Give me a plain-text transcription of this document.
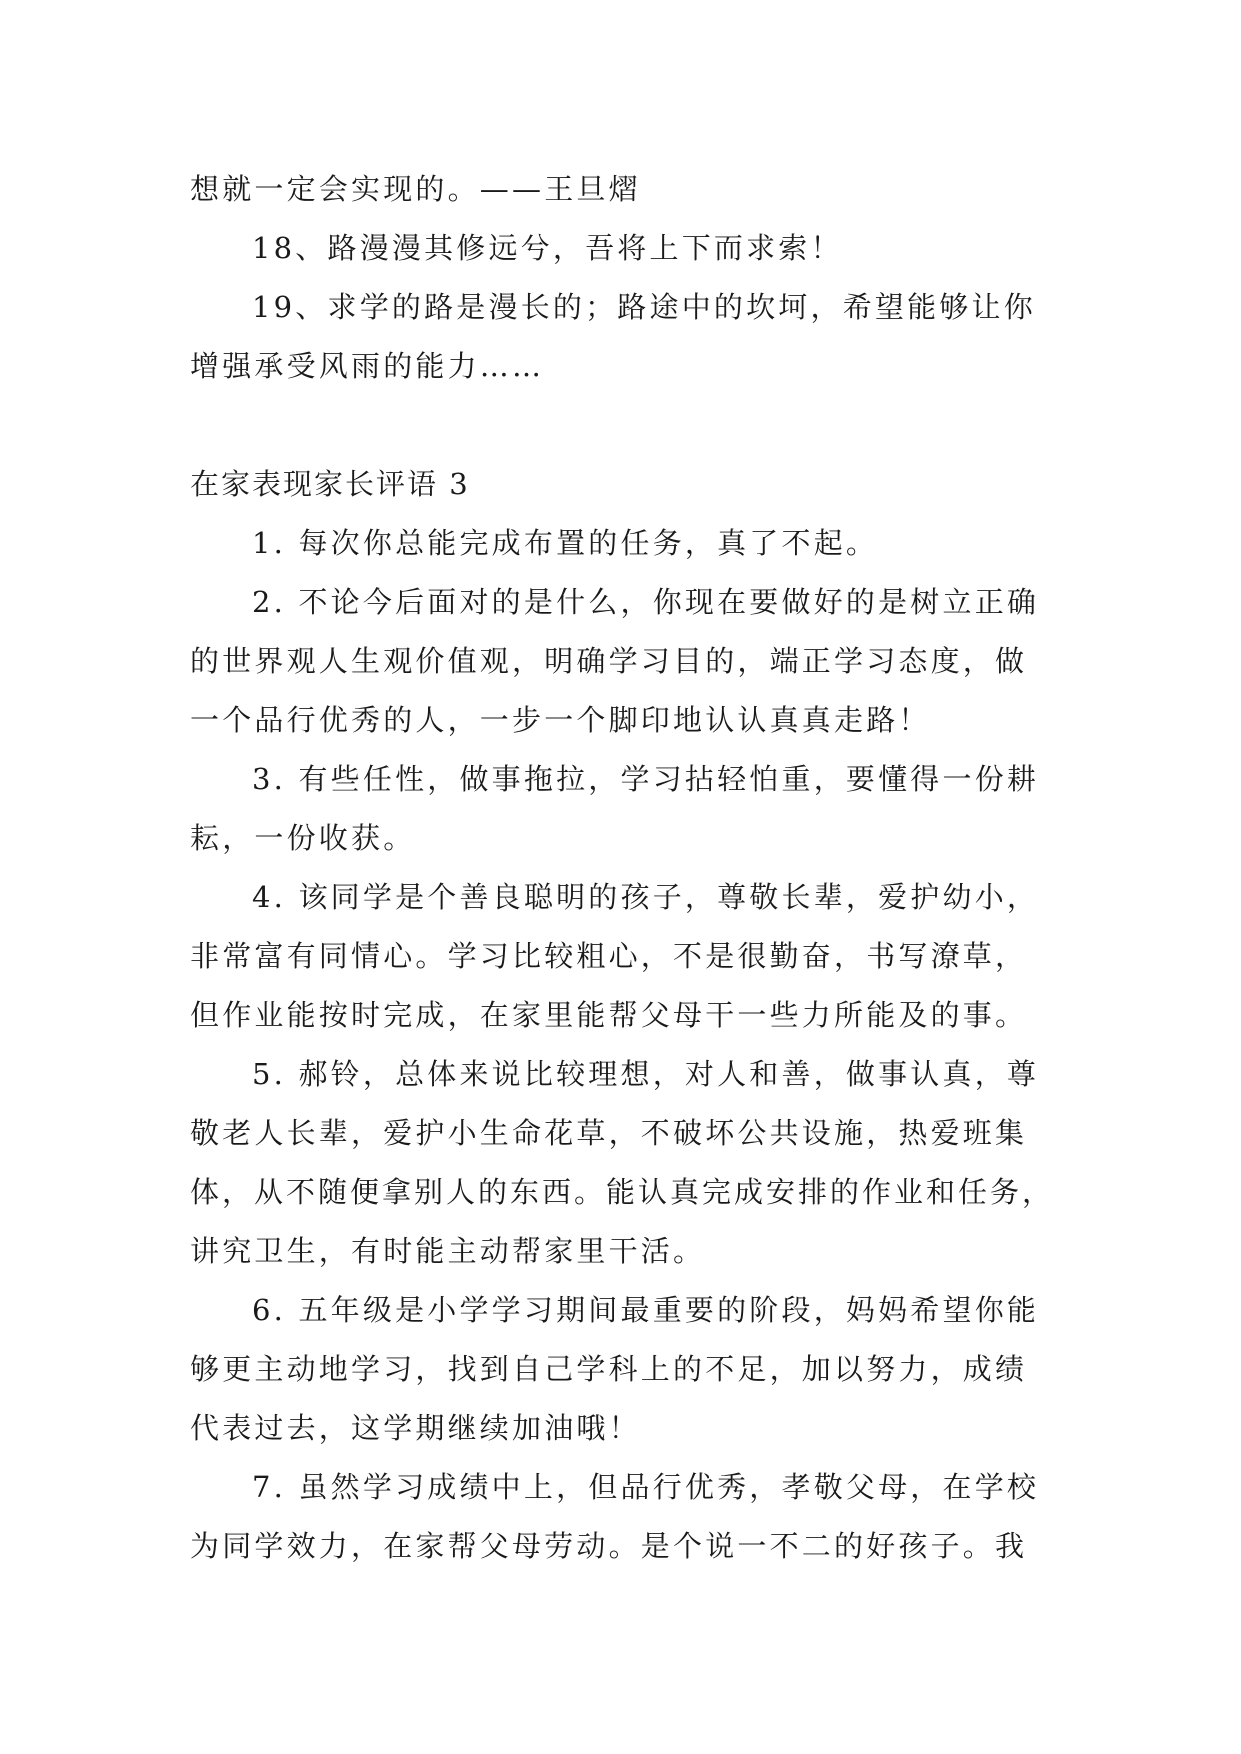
想就一定会实现的。——王旦熠
18、路漫漫其修远兮，吾将上下而求索！
19、求学的路是漫长的；路途中的坎坷，希望能够让你
增强承受风雨的能力……
在家表现家长评语 3
1. 每次你总能完成布置的任务，真了不起。
2. 不论今后面对的是什么，你现在要做好的是树立正确
的世界观人生观价值观，明确学习目的，端正学习态度，做
一个品行优秀的人，一步一个脚印地认认真真走路！
3. 有些任性，做事拖拉，学习拈轻怕重，要懂得一份耕
耘，一份收获。
4. 该同学是个善良聪明的孩子，尊敬长辈，爱护幼小，
非常富有同情心。学习比较粗心，不是很勤奋，书写潦草，
但作业能按时完成，在家里能帮父母干一些力所能及的事。
5. 郝铃，总体来说比较理想，对人和善，做事认真，尊
敬老人长辈，爱护小生命花草，不破坏公共设施，热爱班集
体，从不随便拿别人的东西。能认真完成安排的作业和任务，
讲究卫生，有时能主动帮家里干活。
6. 五年级是小学学习期间最重要的阶段，妈妈希望你能
够更主动地学习，找到自己学科上的不足，加以努力，成绩
代表过去，这学期继续加油哦！
7. 虽然学习成绩中上，但品行优秀，孝敬父母，在学校
为同学效力，在家帮父母劳动。是个说一不二的好孩子。我
